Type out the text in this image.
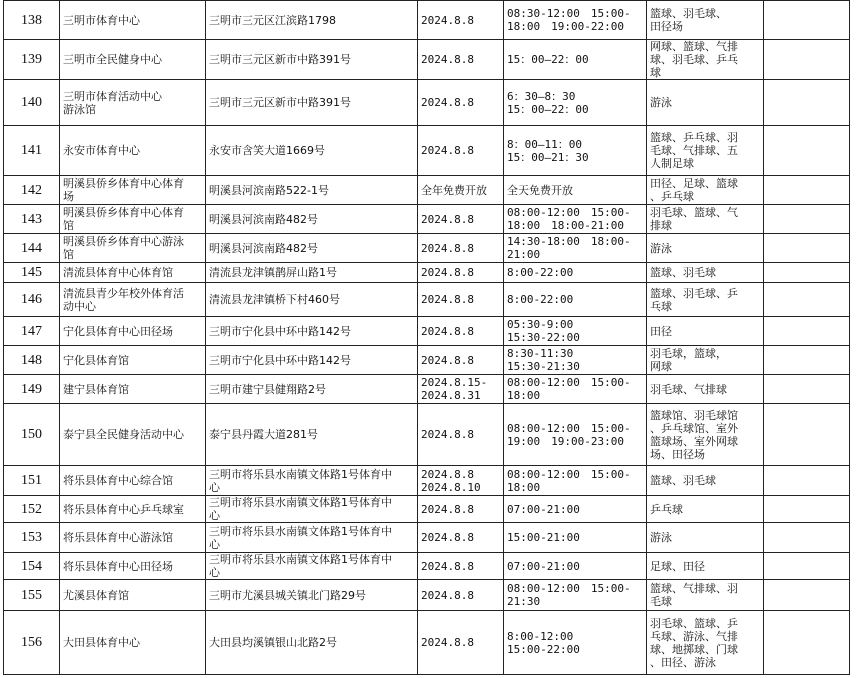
138	三明市体育中心	三明市三元区江滨路1798	2024.8.8	08:30-12:00　15:00-
18:00　19:00-22:00	篮球、羽毛球、
田径场	
139	三明市全民健身中心	三明市三元区新市中路391号	2024.8.8	15：00—22：00	网球、篮球、气排
球、羽毛球、乒乓
球	
140	三明市体育活动中心
游泳馆	三明市三元区新市中路391号	2024.8.8	6：30—8：30
15：00—22：00	游泳	
141	永安市体育中心	永安市含笑大道1669号	2024.8.8	8：00—11：00
15：00—21：30	篮球、乒乓球、羽
毛球、气排球、五
人制足球	
142	明溪县侨乡体育中心体育
场	明溪县河滨南路522-1号	全年免费开放	全天免费开放	田径、足球、篮球
、乒乓球	
143	明溪县侨乡体育中心体育
馆	明溪县河滨南路482号	2024.8.8	08:00-12:00　15:00-
18:00　18:00-21:00	羽毛球、篮球、气
排球	
144	明溪县侨乡体育中心游泳
馆	明溪县河滨南路482号	2024.8.8	14:30-18:00　18:00-
21:00	游泳	
145	清流县体育中心体育馆	清流县龙津镇鹊屏山路1号	2024.8.8	8:00-22:00	篮球、羽毛球	
146	清流县青少年校外体育活
动中心	清流县龙津镇桥下村460号	2024.8.8	8:00-22:00	篮球、羽毛球、乒
乓球	
147	宁化县体育中心田径场	三明市宁化县中环中路142号	2024.8.8	05:30-9:00
15:30-22:00	田径	
148	宁化县体育馆	三明市宁化县中环中路142号	2024.8.8	8:30-11:30
15:30-21:30	羽毛球，篮球，
网球	
149	建宁县体育馆	三明市建宁县健翔路2号	2024.8.15-
2024.8.31	08:00-12:00　15:00-
18:00	羽毛球、气排球	
150	泰宁县全民健身活动中心	泰宁县丹霞大道281号	2024.8.8	08:00-12:00　15:00-
19:00　19:00-23:00	篮球馆、羽毛球馆
、乒乓球馆、室外
篮球场、室外网球
场、田径场	
151	将乐县体育中心综合馆	三明市将乐县水南镇文体路1号体育中
心	2024.8.8
2024.8.10	08:00-12:00　15:00-
18:00	篮球、羽毛球	
152	将乐县体育中心乒乓球室	三明市将乐县水南镇文体路1号体育中
心	2024.8.8	07:00-21:00	乒乓球	
153	将乐县体育中心游泳馆	三明市将乐县水南镇文体路1号体育中
心	2024.8.8	15:00-21:00	游泳	
154	将乐县体育中心田径场	三明市将乐县水南镇文体路1号体育中
心	2024.8.8	07:00-21:00	足球、田径	
155	尤溪县体育馆	三明市尤溪县城关镇北门路29号	2024.8.8	08:00-12:00　15:00-
21:30	篮球、气排球、羽
毛球	
156	大田县体育中心	大田县均溪镇银山北路2号	2024.8.8	8:00-12:00
15:00-22:00	羽毛球、篮球、乒
乓球、游泳、气排
球、地掷球、门球
、田径、游泳	
